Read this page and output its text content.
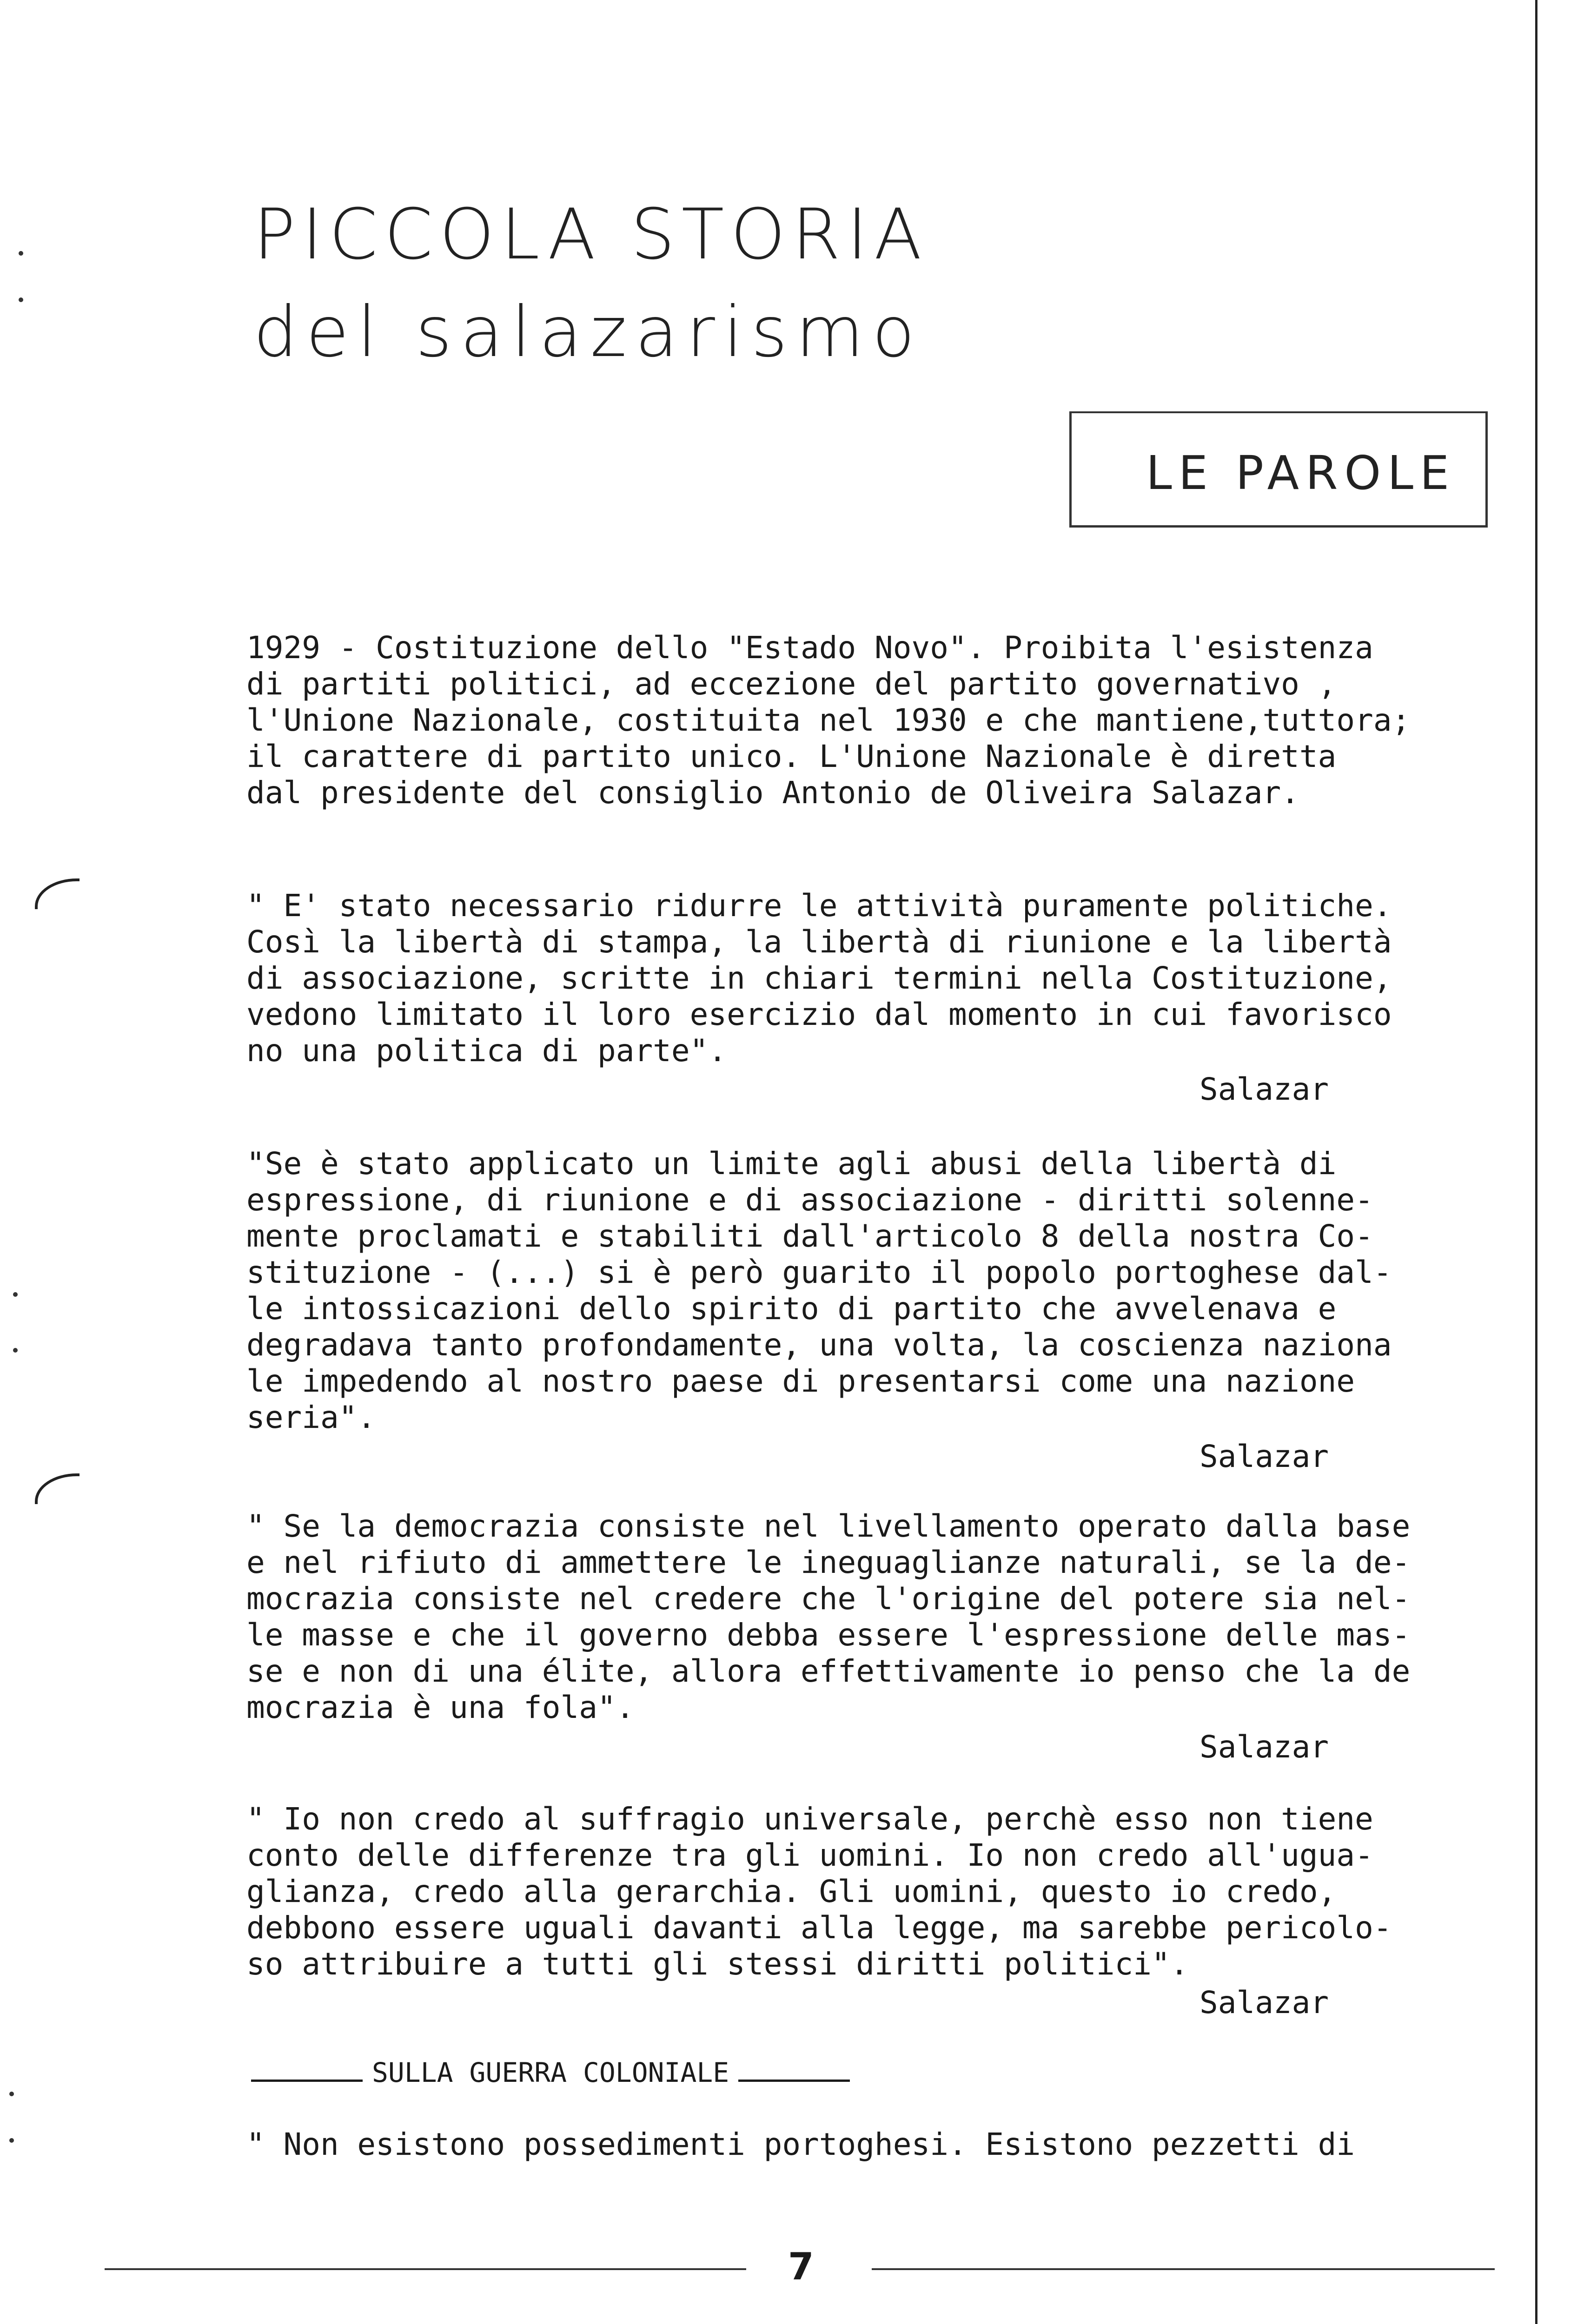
PICCOLA STORIA
del salazarismo
LE PAROLE
1929 - Costituzione dello "Estado Novo". Proibita l'esistenza
di partiti politici, ad eccezione del partito governativo ,
l'Unione Nazionale, costituita nel 1930 e che mantiene,tuttora;
il carattere di partito unico. L'Unione Nazionale è diretta
dal presidente del consiglio Antonio de Oliveira Salazar.
" E' stato necessario ridurre le attività puramente politiche.
Così la libertà di stampa, la libertà di riunione e la libertà
di associazione, scritte in chiari termini nella Costituzione,
vedono limitato il loro esercizio dal momento in cui favorisco
no una politica di parte".
Salazar
"Se è stato applicato un limite agli abusi della libertà di
espressione, di riunione e di associazione - diritti solenne-
mente proclamati e stabiliti dall'articolo 8 della nostra Co-
stituzione - (...) si è però guarito il popolo portoghese dal-
le intossicazioni dello spirito di partito che avvelenava e
degradava tanto profondamente, una volta, la coscienza naziona
le impedendo al nostro paese di presentarsi come una nazione
seria".
Salazar
" Se la democrazia consiste nel livellamento operato dalla base
e nel rifiuto di ammettere le ineguaglianze naturali, se la de-
mocrazia consiste nel credere che l'origine del potere sia nel-
le masse e che il governo debba essere l'espressione delle mas-
se e non di una élite, allora effettivamente io penso che la de
mocrazia è una fola".
Salazar
" Io non credo al suffragio universale, perchè esso non tiene
conto delle differenze tra gli uomini. Io non credo all'ugua-
glianza, credo alla gerarchia. Gli uomini, questo io credo,
debbono essere uguali davanti alla legge, ma sarebbe pericolo-
so attribuire a tutti gli stessi diritti politici".
Salazar
SULLA GUERRA COLONIALE
" Non esistono possedimenti portoghesi. Esistono pezzetti di
7
